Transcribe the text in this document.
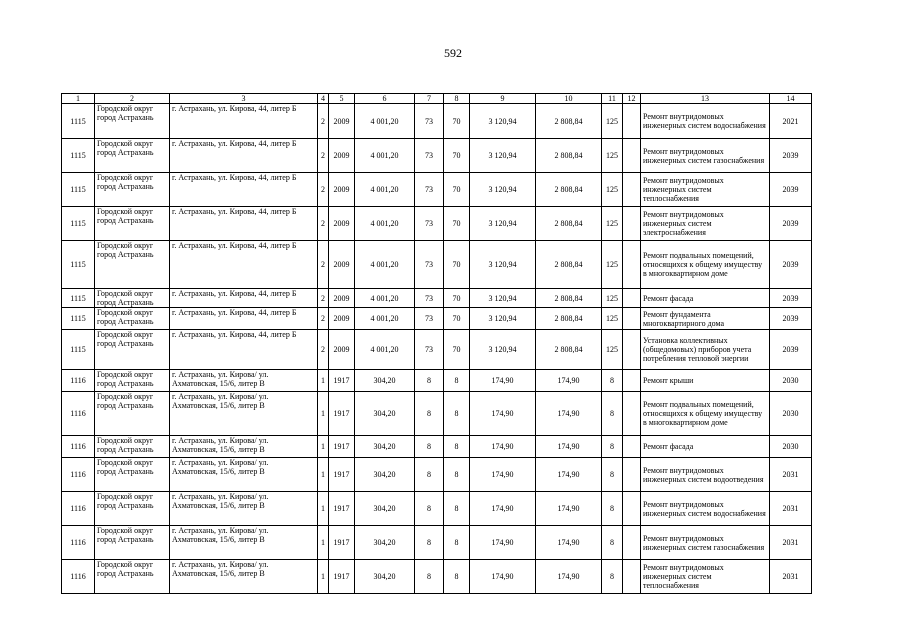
592
1	2	3	4	5	6	7	8	9	10	11	12	13	14
1115	Городской округ город Астрахань	г. Астрахань, ул. Кирова, 44, литер Б	2	2009	4 001,20	73	70	3 120,94	2 808,84	125		Ремонт внутридомовых инженерных систем водоснабжения	2021
1115	Городской округ город Астрахань	г. Астрахань, ул. Кирова, 44, литер Б	2	2009	4 001,20	73	70	3 120,94	2 808,84	125		Ремонт внутридомовых инженерных систем газоснабжения	2039
1115	Городской округ город Астрахань	г. Астрахань, ул. Кирова, 44, литер Б	2	2009	4 001,20	73	70	3 120,94	2 808,84	125		Ремонт внутридомовых инженерных систем теплоснабжения	2039
1115	Городской округ город Астрахань	г. Астрахань, ул. Кирова, 44, литер Б	2	2009	4 001,20	73	70	3 120,94	2 808,84	125		Ремонт внутридомовых инженерных систем электроснабжения	2039
1115	Городской округ город Астрахань	г. Астрахань, ул. Кирова, 44, литер Б	2	2009	4 001,20	73	70	3 120,94	2 808,84	125		Ремонт подвальных помещений, относящихся к общему имуществу в многоквартирном доме	2039
1115	Городской округ город Астрахань	г. Астрахань, ул. Кирова, 44, литер Б	2	2009	4 001,20	73	70	3 120,94	2 808,84	125		Ремонт фасада	2039
1115	Городской округ город Астрахань	г. Астрахань, ул. Кирова, 44, литер Б	2	2009	4 001,20	73	70	3 120,94	2 808,84	125		Ремонт фундамента многоквартирного дома	2039
1115	Городской округ город Астрахань	г. Астрахань, ул. Кирова, 44, литер Б	2	2009	4 001,20	73	70	3 120,94	2 808,84	125		Установка коллективных (общедомовых) приборов учета потребления тепловой энергии	2039
1116	Городской округ город Астрахань	г. Астрахань, ул. Кирова/ ул. Ахматовская, 15/6, литер В	1	1917	304,20	8	8	174,90	174,90	8		Ремонт крыши	2030
1116	Городской округ город Астрахань	г. Астрахань, ул. Кирова/ ул. Ахматовская, 15/6, литер В	1	1917	304,20	8	8	174,90	174,90	8		Ремонт подвальных помещений, относящихся к общему имуществу в многоквартирном доме	2030
1116	Городской округ город Астрахань	г. Астрахань, ул. Кирова/ ул. Ахматовская, 15/6, литер В	1	1917	304,20	8	8	174,90	174,90	8		Ремонт фасада	2030
1116	Городской округ город Астрахань	г. Астрахань, ул. Кирова/ ул. Ахматовская, 15/6, литер В	1	1917	304,20	8	8	174,90	174,90	8		Ремонт внутридомовых инженерных систем водоотведения	2031
1116	Городской округ город Астрахань	г. Астрахань, ул. Кирова/ ул. Ахматовская, 15/6, литер В	1	1917	304,20	8	8	174,90	174,90	8		Ремонт внутридомовых инженерных систем водоснабжения	2031
1116	Городской округ город Астрахань	г. Астрахань, ул. Кирова/ ул. Ахматовская, 15/6, литер В	1	1917	304,20	8	8	174,90	174,90	8		Ремонт внутридомовых инженерных систем газоснабжения	2031
1116	Городской округ город Астрахань	г. Астрахань, ул. Кирова/ ул. Ахматовская, 15/6, литер В	1	1917	304,20	8	8	174,90	174,90	8		Ремонт внутридомовых инженерных систем теплоснабжения	2031
